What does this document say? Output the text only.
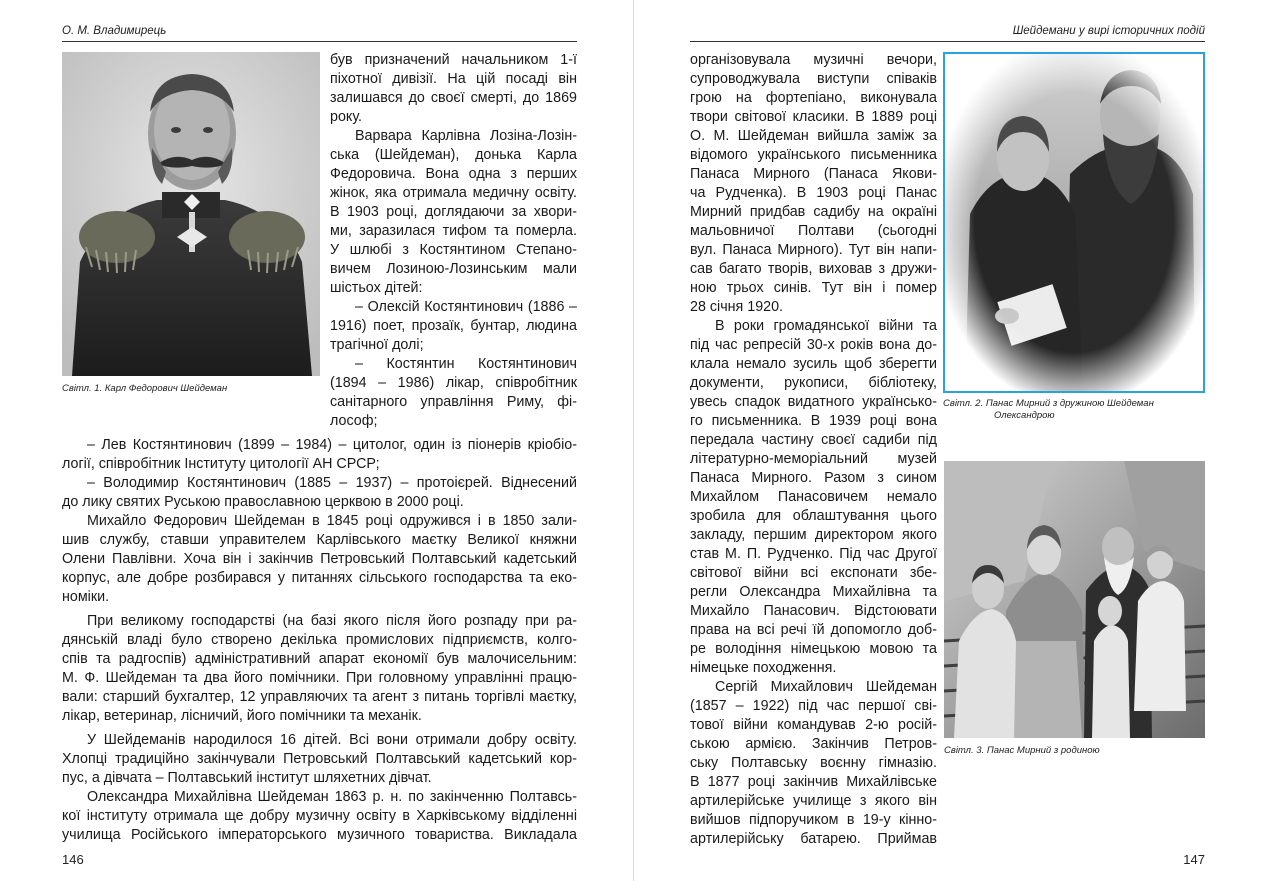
О. М. Владимирець
Світл. 1. Карл Федорович Шейдеман
був призначений начальником 1-ї
піхотної дивізії. На цій посаді він
залишався до своєї смерті, до 1869
року.
Варвара Карлівна Лозіна-Лозін-
ська (Шейдеман), донька Карла
Федоровича. Вона одна з перших
жінок, яка отримала медичну освіту.
В 1903 році, доглядаючи за хвори-
ми, заразилася тифом та померла.
У шлюбі з Костянтином Степано-
вичем Лозиною-Лозинським мали
шістьох дітей:
– Олексій Костянтинович (1886 –
1916) поет, прозаїк, бунтар, людина
трагічної долі;
– Костянтин Костянтинович
(1894 – 1986) лікар, співробітник
санітарного управління Риму, фі-
лософ;
– Лев Костянтинович (1899 – 1984) – цитолог, один із піонерів кріобіо-
логії, співробітник Інституту цитології АН СРСР;
– Володимир Костянтинович (1885 – 1937) – протоієрей. Віднесений
до лику святих Руською православною церквою в 2000 році.
Михайло Федорович Шейдеман в 1845 році одружився і в 1850 зали-
шив службу, ставши управителем Карлівського маєтку Великої княжни
Олени Павлівни. Хоча він і закінчив Петровський Полтавський кадетський
корпус, але добре розбирався у питаннях сільського господарства та еко-
номіки.
При великому господарстві (на базі якого після його розпаду при ра-
дянській владі було створено декілька промислових підприємств, колго-
спів та радгоспів) адміністративний апарат економії був малочисельним:
М. Ф. Шейдеман та два його помічники. При головному управлінні працю-
вали: старший бухгалтер, 12 управляючих та агент з питань торгівлі маєтку,
лікар, ветеринар, лісничий, його помічники та механік.
У Шейдеманів народилося 16 дітей. Всі вони отримали добру освіту.
Хлопці традиційно закінчували Петровський Полтавський кадетський кор-
пус, а дівчата – Полтавський інститут шляхетних дівчат.
Олександра Михайлівна Шейдеман 1863 р. н. по закінченню Полтавсь-
кої інституту отримала ще добру музичну освіту в Харківському відділенні
училища Російського імператорського музичного товариства. Викладала
146
Шейдемани у вирі історичних подій
Світл. 2. Панас Мирний з дружиною Шейдеман
Олександрою
Світл. 3. Панас Мирний з родиною
організовувала музичні вечори,
супроводжувала виступи співаків
грою на фортепіано, виконувала
твори світової класики. В 1889 році
О. М. Шейдеман вийшла заміж за
відомого українського письменника
Панаса Мирного (Панаса Якови-
ча Рудченка). В 1903 році Панас
Мирний придбав садибу на окраїні
мальовничої Полтави (сьогодні
вул. Панаса Мирного). Тут він напи-
сав багато творів, виховав з дружи-
ною трьох синів. Тут він і помер
28 січня 1920.
В роки громадянської війни та
під час репресій 30-х років вона до-
клала немало зусиль щоб зберегти
документи, рукописи, бібліотеку,
увесь спадок видатного українсько-
го письменника. В 1939 році вона
передала частину своєї садиби під
літературно-меморіальний музей
Панаса Мирного. Разом з сином
Михайлом Панасовичем немало
зробила для облаштування цього
закладу, першим директором якого
став М. П. Рудченко. Під час Другої
світової війни всі експонати збе-
регли Олександра Михайлівна та
Михайло Панасович. Відстоювати
права на всі речі їй допомогло доб-
ре володіння німецькою мовою та
німецьке походження.
Сергій Михайлович Шейдеман
(1857 – 1922) під час першої сві-
тової війни командував 2-ю росій-
ською армією. Закінчив Петров-
ську Полтавську воєнну гімназію.
В 1877 році закінчив Михайлівське
артилерійське училище з якого він
вийшов підпоручиком в 19-у кінно-
артилерійську батарею. Приймав
147
